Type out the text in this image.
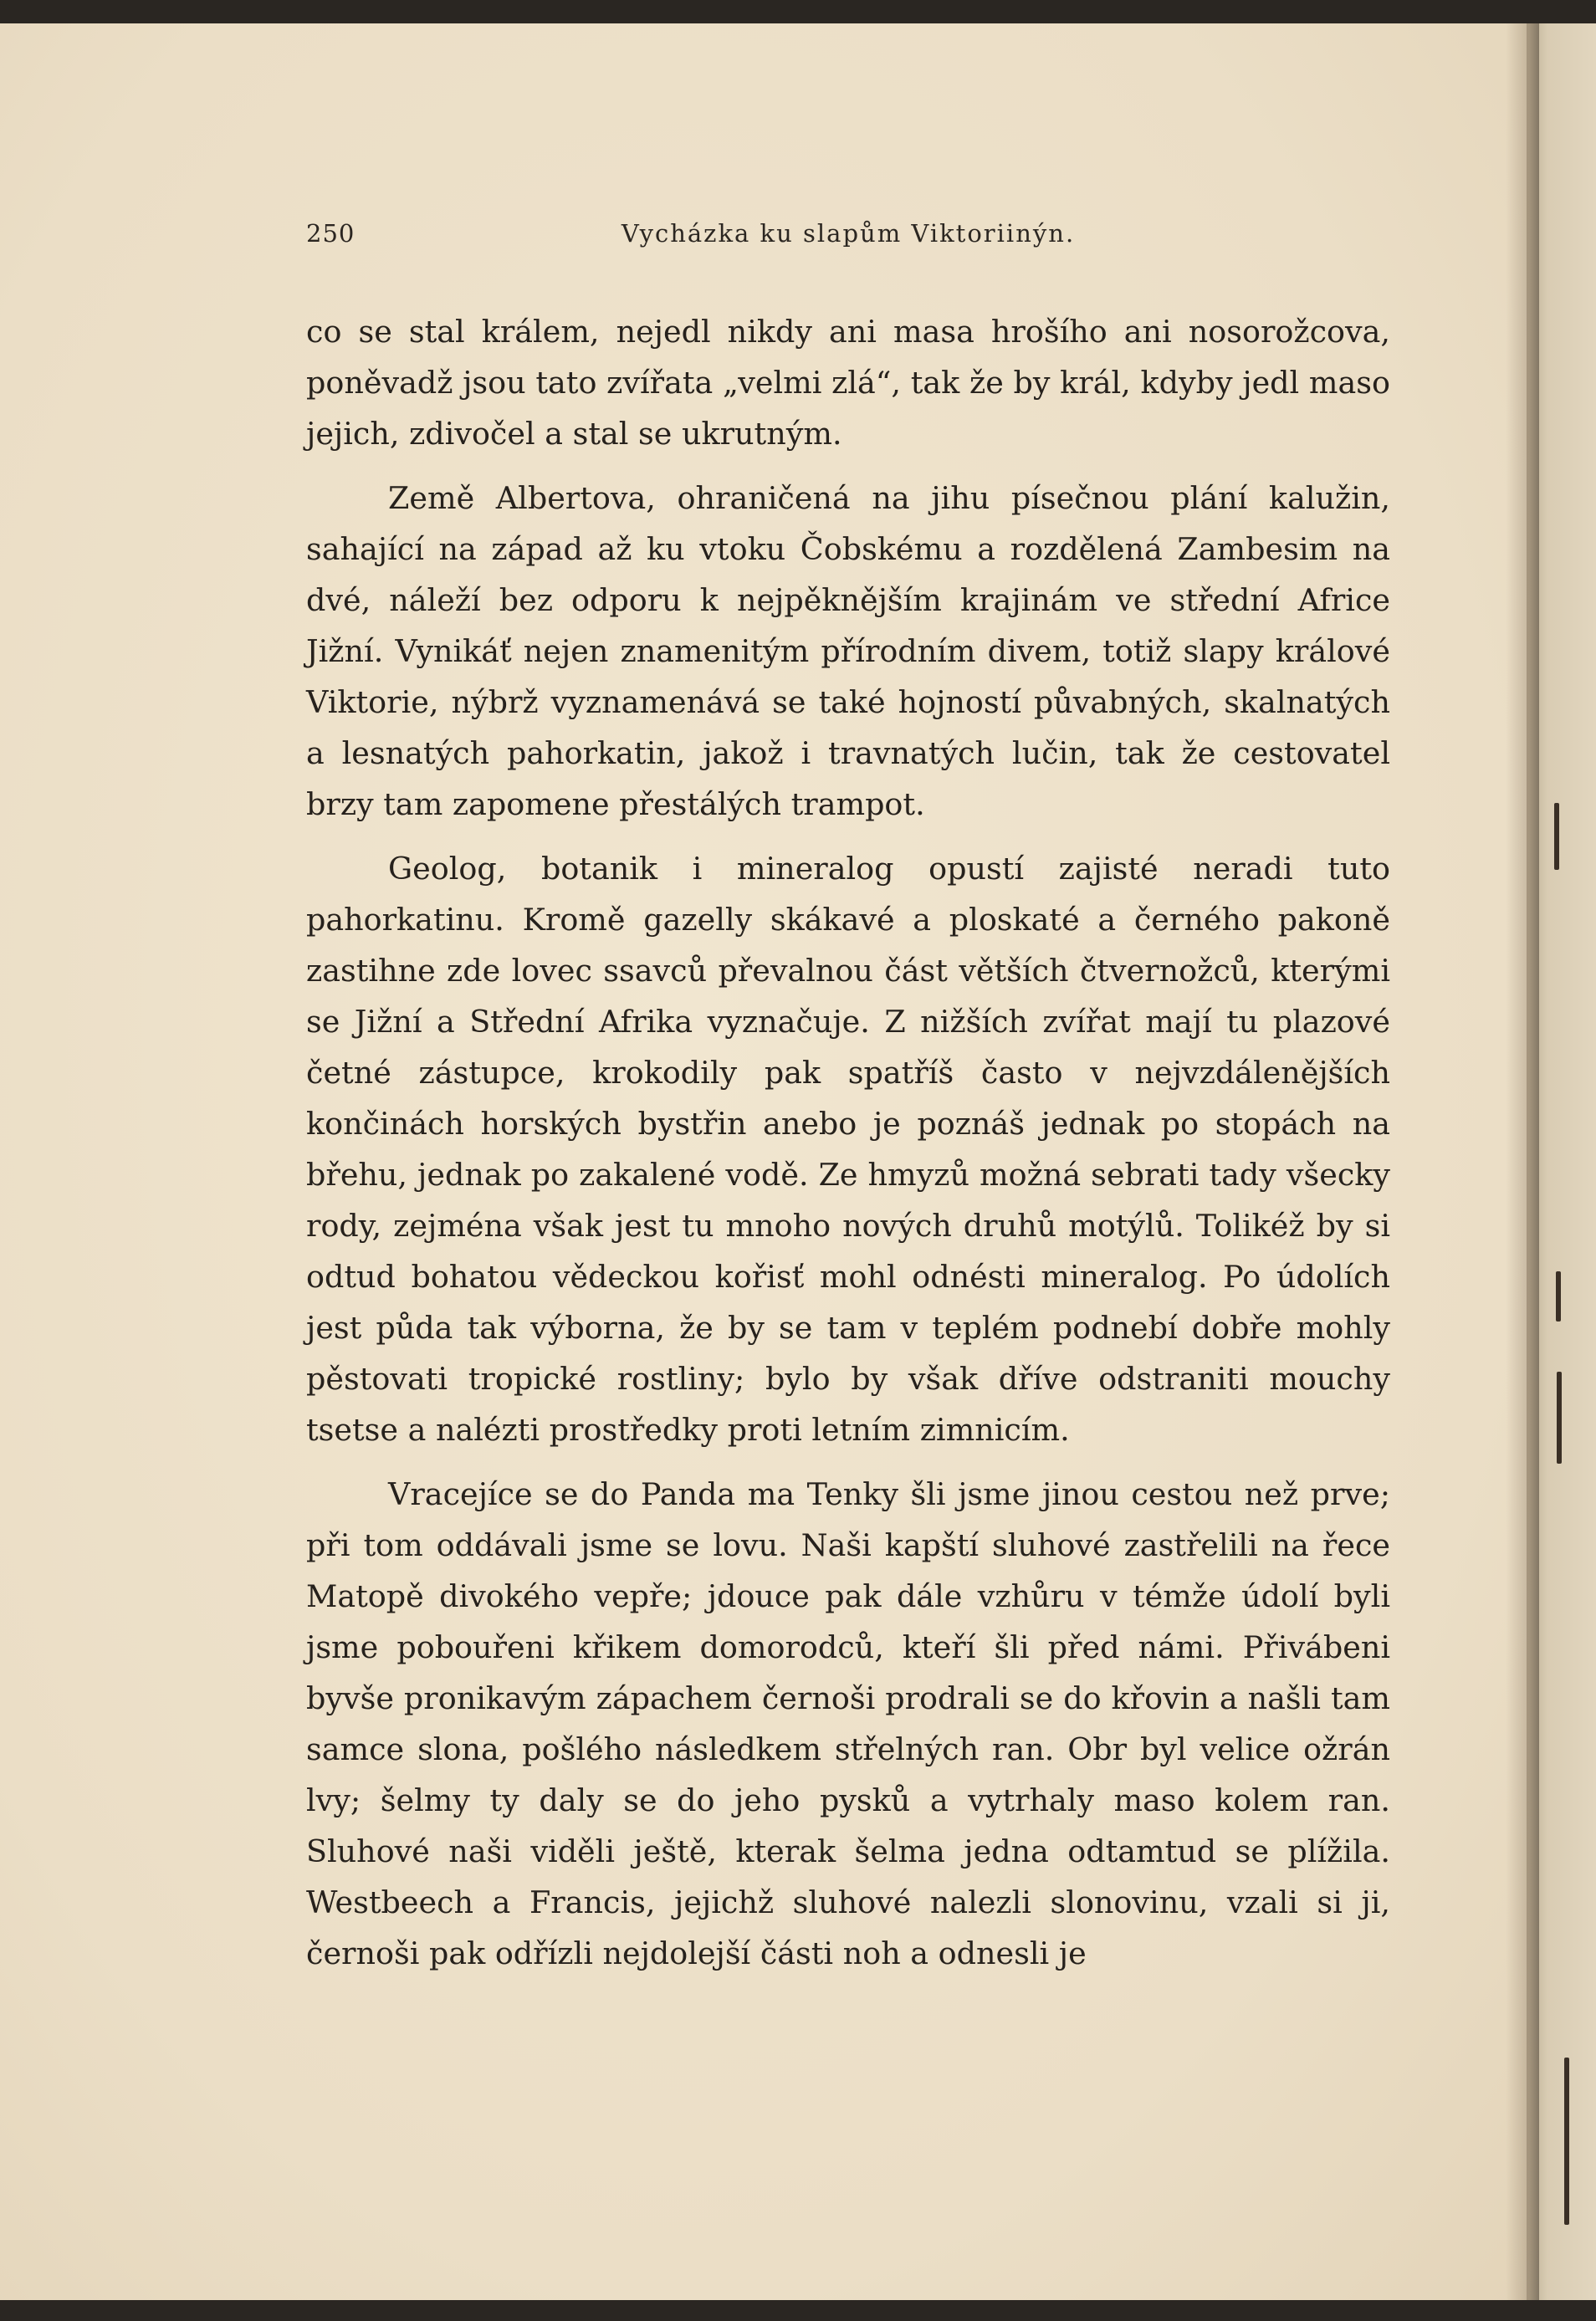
250	Vycházka ku slapům Viktoriinýn.

co se stal králem, nejedl nikdy ani masa hrošího ani nosorožcova, poněvadž jsou tato zvířata „velmi zlá“, tak že by král, kdyby jedl maso jejich, zdivočel a stal se ukrutným.

Země Albertova, ohraničená na jihu písečnou plání kalužin, sahající na západ až ku vtoku Čobskému a rozdělená Zambesim na dvé, náleží bez odporu k nejpěknějším krajinám ve střední Africe Jižní. Vynikáť nejen znamenitým přírodním divem, totiž slapy králové Viktorie, nýbrž vyznamenává se také hojností půvabných, skalnatých a lesnatých pahorkatin, jakož i travnatých lučin, tak že cestovatel brzy tam zapomene přestálých trampot.

Geolog, botanik i mineralog opustí zajisté neradi tuto pahorkatinu. Kromě gazelly skákavé a ploskaté a černého pakoně zastihne zde lovec ssavců převalnou část větších čtvernožců, kterými se Jižní a Střední Afrika vyznačuje. Z nižších zvířat mají tu plazové četné zástupce, krokodily pak spatříš často v nejvzdálenějších končinách horských bystřin anebo je poznáš jednak po stopách na břehu, jednak po zakalené vodě. Ze hmyzů možná sebrati tady všecky rody, zejména však jest tu mnoho nových druhů motýlů. Tolikéž by si odtud bohatou vědeckou kořisť mohl odnésti mineralog. Po údolích jest půda tak výborna, že by se tam v teplém podnebí dobře mohly pěstovati tropické rostliny; bylo by však dříve odstraniti mouchy tsetse a nalézti prostředky proti letním zimnicím.

Vracejíce se do Panda ma Tenky šli jsme jinou cestou než prve; při tom oddávali jsme se lovu. Naši kapští sluhové zastřelili na řece Matopě divokého vepře; jdouce pak dále vzhůru v témže údolí byli jsme pobouřeni křikem domorodců, kteří šli před námi. Přivábeni byvše pronikavým zápachem černoši prodrali se do křovin a našli tam samce slona, pošlého následkem střelných ran. Obr byl velice ožrán lvy; šelmy ty daly se do jeho pysků a vytrhaly maso kolem ran. Sluhové naši viděli ještě, kterak šelma jedna odtamtud se plížila. Westbeech a Francis, jejichž sluhové nalezli slonovinu, vzali si ji, černoši pak odřízli nejdolejší části noh a odnesli je
